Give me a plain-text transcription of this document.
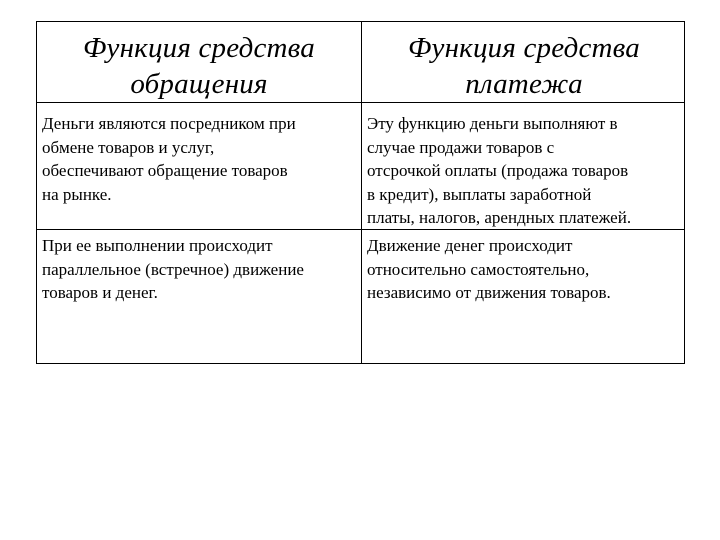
Функция средства
обращения
Функция средства
платежа
Деньги являются посредником при
обмене товаров и услуг,
обеспечивают обращение товаров
на рынке.
Эту функцию деньги выполняют в
случае продажи товаров с
отсрочкой оплаты (продажа товаров
в кредит), выплаты заработной
платы, налогов, арендных платежей.
При ее выполнении происходит
параллельное (встречное) движение
товаров и денег.
Движение денег происходит
относительно самостоятельно,
независимо от движения товаров.
